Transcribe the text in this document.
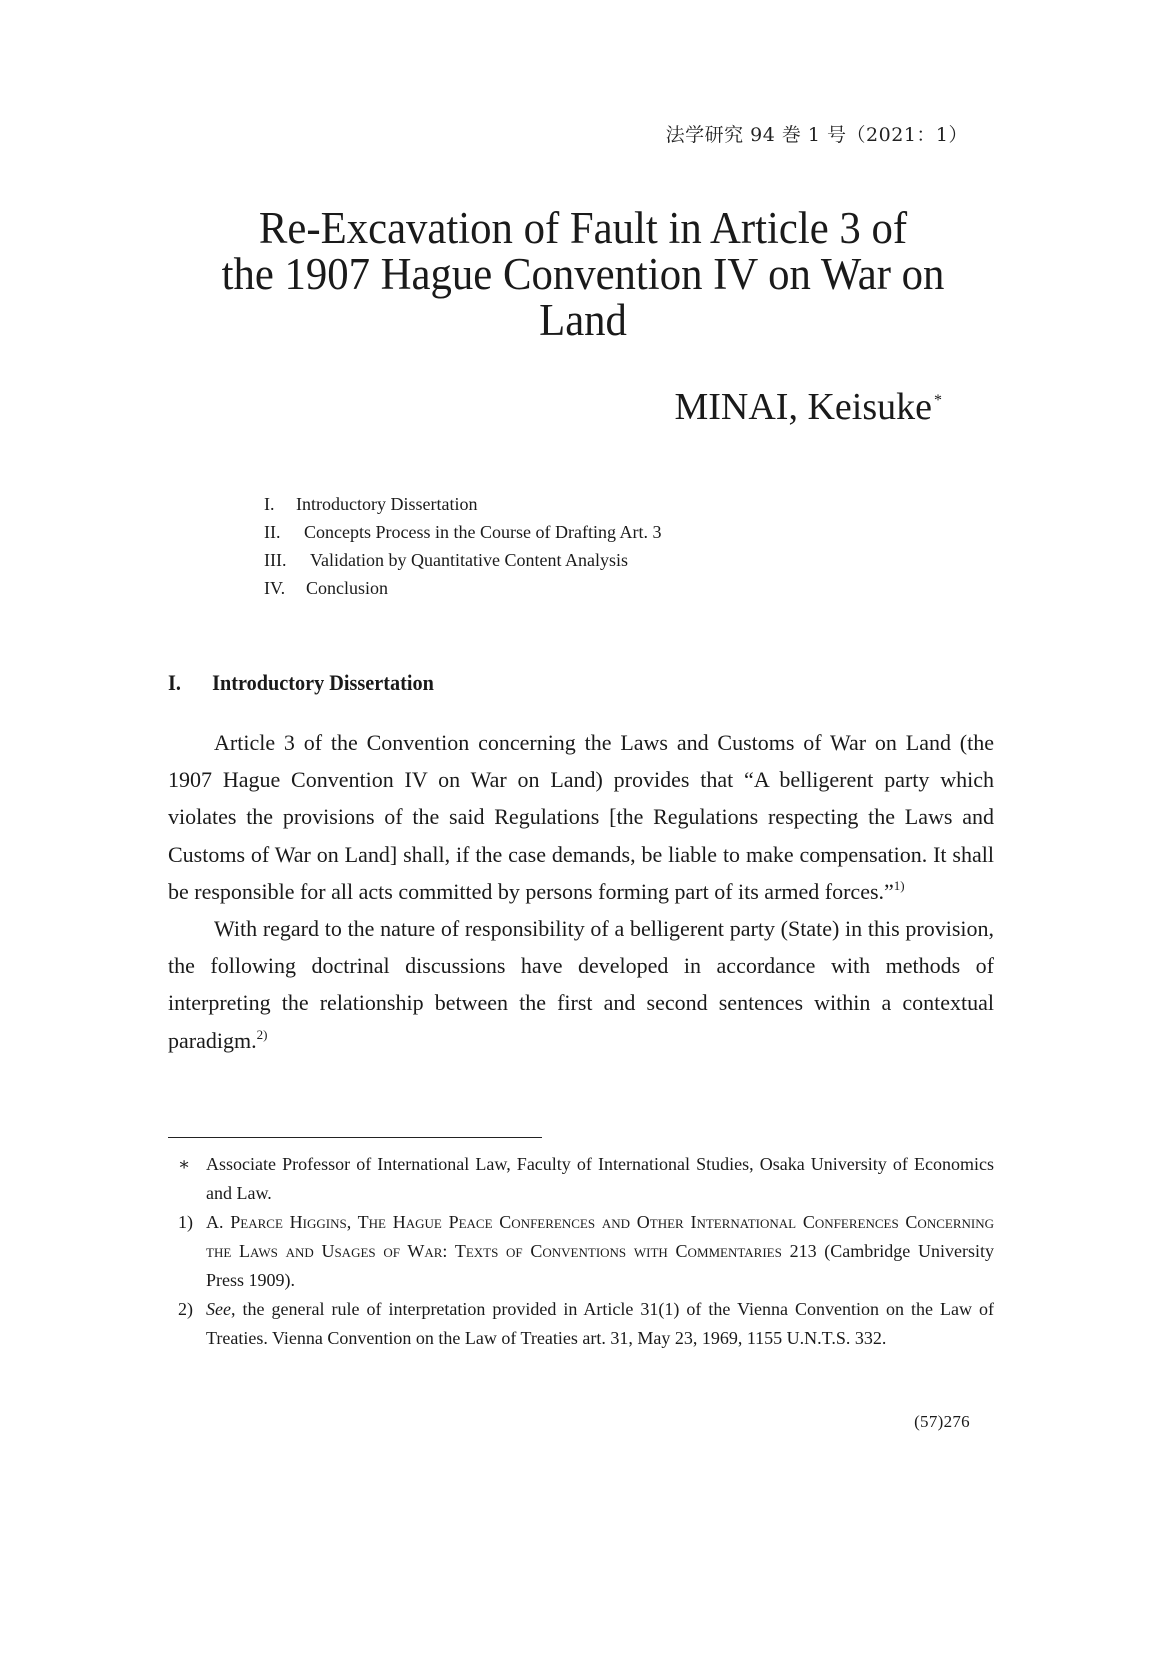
法学研究 94 巻 1 号（2021：1）
Re-Excavation of Fault in Article 3 of
the 1907 Hague Convention IV on War on
Land
MINAI, Keisuke *
I. Introductory Dissertation
II. Concepts Process in the Course of Drafting Art. 3
III. Validation by Quantitative Content Analysis
IV. Conclusion
I. Introductory Dissertation

Article 3 of the Convention concerning the Laws and Customs of War on Land (the 1907 Hague Convention IV on War on Land) provides that “A belligerent party which violates the provisions of the said Regulations [the Regulations respecting the Laws and Customs of War on Land] shall, if the case demands, be liable to make compensation. It shall be responsible for all acts committed by persons forming part of its armed forces.”$^{1)}$

With regard to the nature of responsibility of a belligerent party (State) in this provision, the following doctrinal discussions have developed in accordance with methods of interpreting the relationship between the first and second sentences within a contextual paradigm.$^{2)}$

∗ Associate Professor of International Law, Faculty of International Studies, Osaka University of Economics and Law.
1) A. Pearce Higgins, The Hague Peace Conferences and Other International Conferences Concerning the Laws and Usages of War: Texts of Conventions with Commentaries 213 (Cambridge University Press 1909).
2) See, the general rule of interpretation provided in Article 31(1) of the Vienna Convention on the Law of Treaties. Vienna Convention on the Law of Treaties art. 31, May 23, 1969, 1155 U.N.T.S. 332.
(57)276
